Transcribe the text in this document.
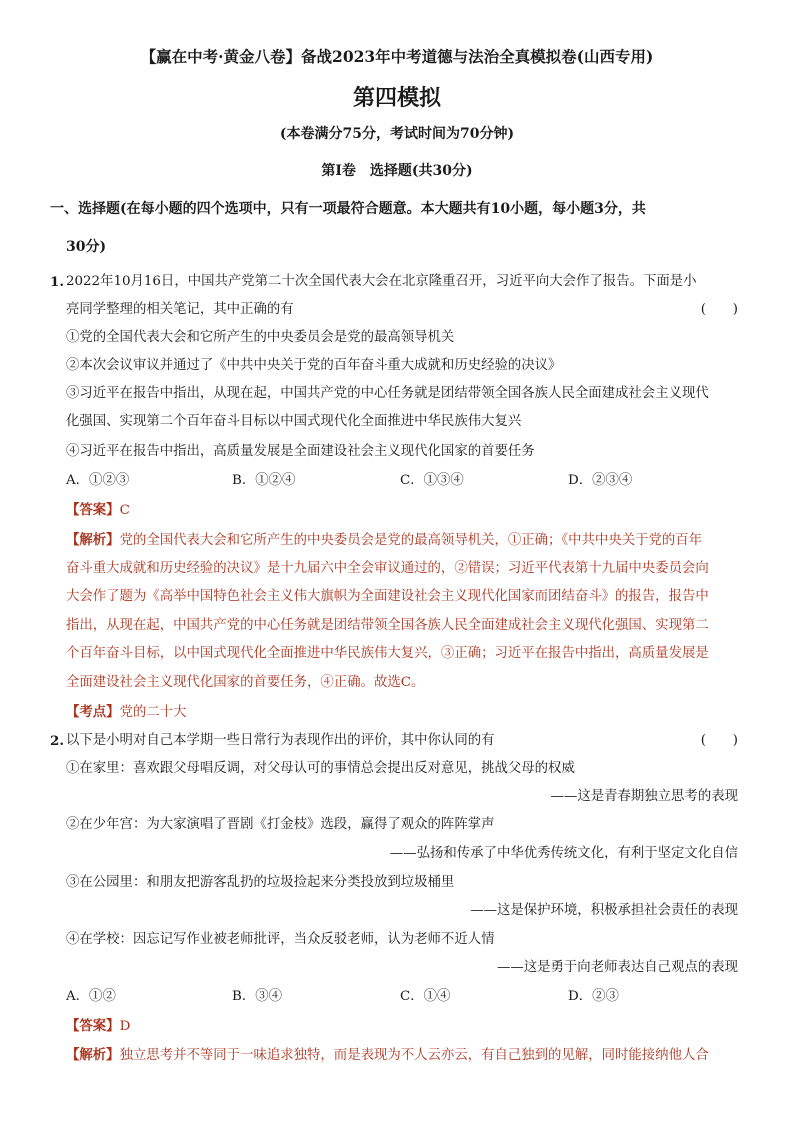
【赢在中考·黄金八卷】备战2023年中考道德与法治全真模拟卷(山西专用)
第四模拟
(本卷满分75分，考试时间为70分钟)
第I卷　选择题(共30分)
一、选择题(在每小题的四个选项中，只有一项最符合题意。本大题共有10小题，每小题3分，共
30分)
1. 2022年10月16日，中国共产党第二十次全国代表大会在北京隆重召开，习近平向大会作了报告。下面是小
亮同学整理的相关笔记，其中正确的有	(　　)
①党的全国代表大会和它所产生的中央委员会是党的最高领导机关
②本次会议审议并通过了《中共中央关于党的百年奋斗重大成就和历史经验的决议》
③习近平在报告中指出，从现在起，中国共产党的中心任务就是团结带领全国各族人民全面建成社会主义现代
化强国、实现第二个百年奋斗目标以中国式现代化全面推进中华民族伟大复兴
④习近平在报告中指出，高质量发展是全面建设社会主义现代化国家的首要任务
A．①②③	B．①②④	C．①③④	D．②③④
【答案】C
【解析】党的全国代表大会和它所产生的中央委员会是党的最高领导机关，①正确；《中共中央关于党的百年
奋斗重大成就和历史经验的决议》是十九届六中全会审议通过的，②错误；习近平代表第十九届中央委员会向
大会作了题为《高举中国特色社会主义伟大旗帜为全面建设社会主义现代化国家而团结奋斗》的报告，报告中
指出，从现在起，中国共产党的中心任务就是团结带领全国各族人民全面建成社会主义现代化强国、实现第二
个百年奋斗目标，以中国式现代化全面推进中华民族伟大复兴，③正确；习近平在报告中指出，高质量发展是
全面建设社会主义现代化国家的首要任务，④正确。故选C。
【考点】党的二十大
2. 以下是小明对自己本学期一些日常行为表现作出的评价，其中你认同的有	(　　)
①在家里：喜欢跟父母唱反调，对父母认可的事情总会提出反对意见，挑战父母的权威
——这是青春期独立思考的表现
②在少年宫：为大家演唱了晋剧《打金枝》选段，赢得了观众的阵阵掌声
——弘扬和传承了中华优秀传统文化，有利于坚定文化自信
③在公园里：和朋友把游客乱扔的垃圾捡起来分类投放到垃圾桶里
——这是保护环境，积极承担社会责任的表现
④在学校：因忘记写作业被老师批评，当众反驳老师，认为老师不近人情
——这是勇于向老师表达自己观点的表现
A．①②	B．③④	C．①④	D．②③
【答案】D
【解析】独立思考并不等同于一味追求独特，而是表现为不人云亦云，有自己独到的见解，同时能接纳他人合
